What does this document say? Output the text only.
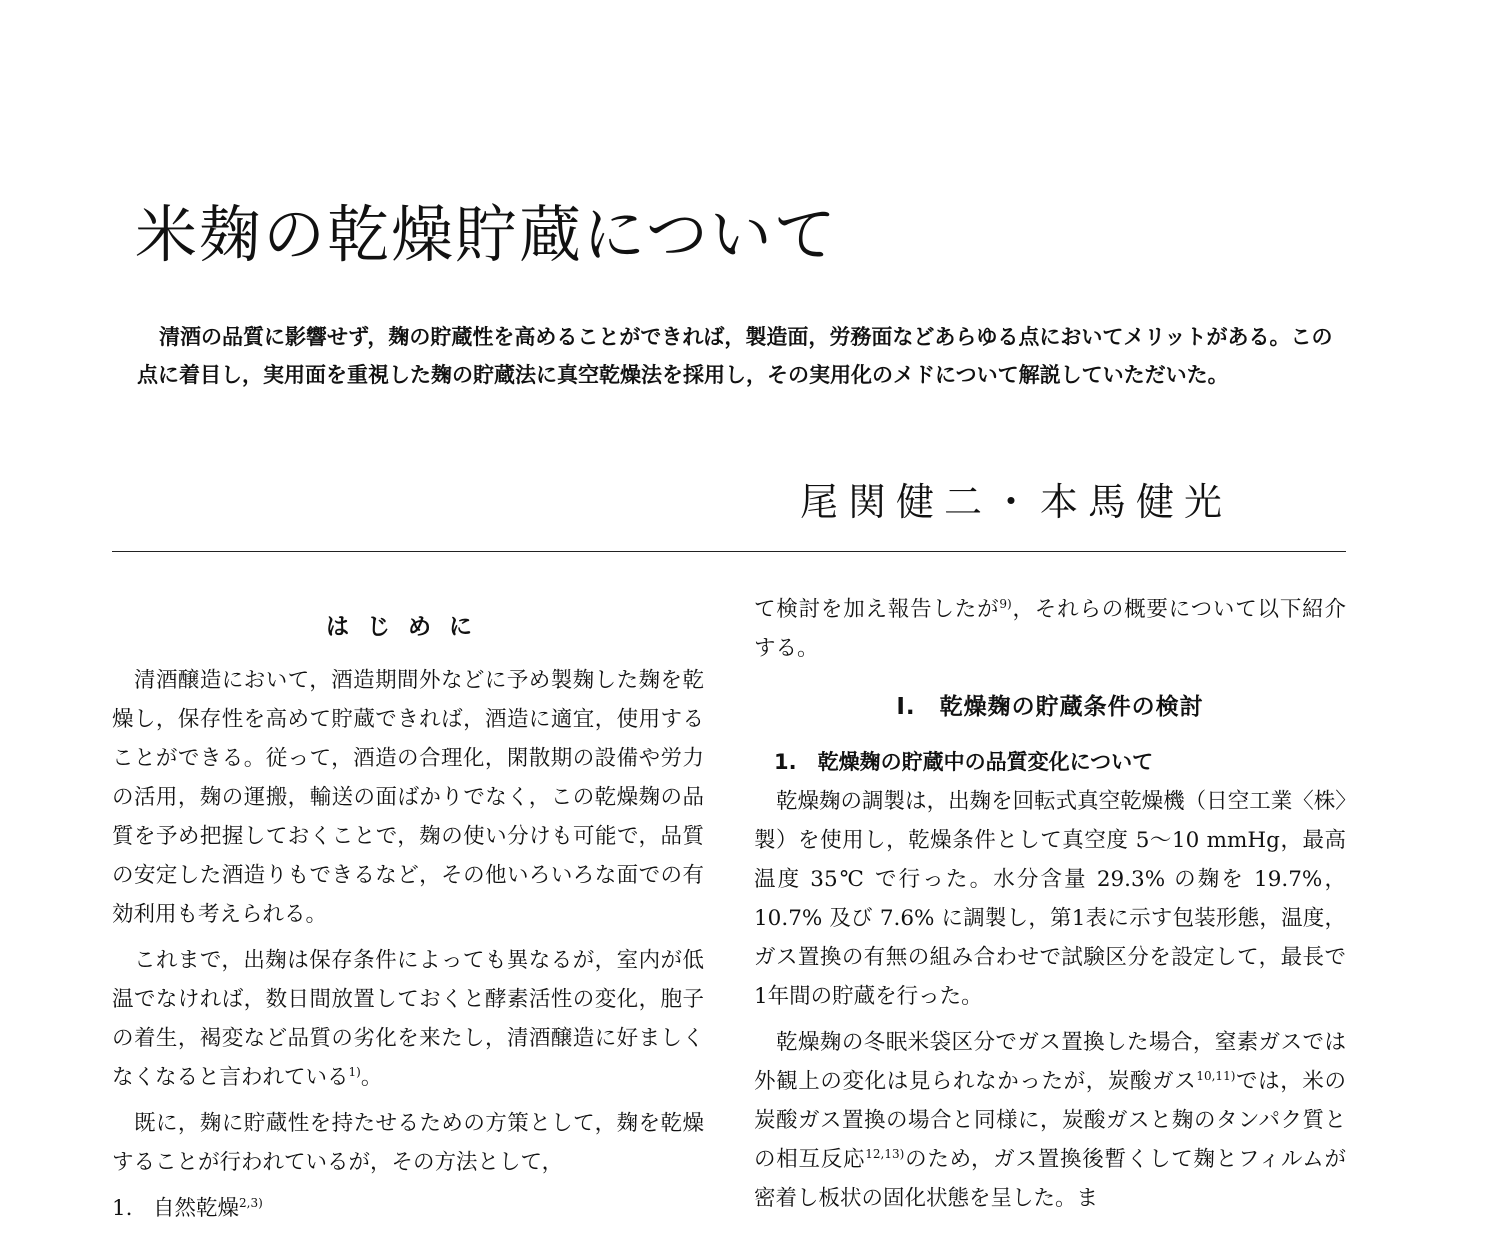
米麹の乾燥貯蔵について

清酒の品質に影響せず，麹の貯蔵性を高めることができれば，製造面，労務面などあらゆる点においてメリットがある。この点に着目し，実用面を重視した麹の貯蔵法に真空乾燥法を採用し，その実用化のメドについて解説していただいた。

尾関健二・本馬健光
はじめに

清酒醸造において，酒造期間外などに予め製麹した麹を乾燥し，保存性を高めて貯蔵できれば，酒造に適宜，使用することができる。従って，酒造の合理化，閑散期の設備や労力の活用，麹の運搬，輸送の面ばかりでなく，この乾燥麹の品質を予め把握しておくことで，麹の使い分けも可能で，品質の安定した酒造りもできるなど，その他いろいろな面での有効利用も考えられる。

これまで，出麹は保存条件によっても異なるが，室内が低温でなければ，数日間放置しておくと酵素活性の変化，胞子の着生，褐変など品質の劣化を来たし，清酒醸造に好ましくなくなると言われている$^{1)}$。

既に，麹に貯蔵性を持たせるための方策として，麹を乾燥することが行われているが，その方法として，

1. 自然乾燥$^{2,3)}$

て検討を加え報告したが$^{9)}$，それらの概要について以下紹介する。

I.　乾燥麹の貯蔵条件の検討
1.　乾燥麹の貯蔵中の品質変化について

乾燥麹の調製は，出麹を回転式真空乾燥機（日空工業〈株〉製）を使用し，乾燥条件として真空度 5～10 mmHg，最高温度 35℃ で行った。水分含量 29.3% の麹を 19.7%，10.7% 及び 7.6% に調製し，第1表に示す包装形態，温度，ガス置換の有無の組み合わせで試験区分を設定して，最長で1年間の貯蔵を行った。

乾燥麹の冬眠米袋区分でガス置換した場合，窒素ガスでは外観上の変化は見られなかったが，炭酸ガス$^{10,11)}$では，米の炭酸ガス置換の場合と同様に，炭酸ガスと麹のタンパク質との相互反応$^{12,13)}$のため，ガス置換後暫くして麹とフィルムが密着し板状の固化状態を呈した。ま
